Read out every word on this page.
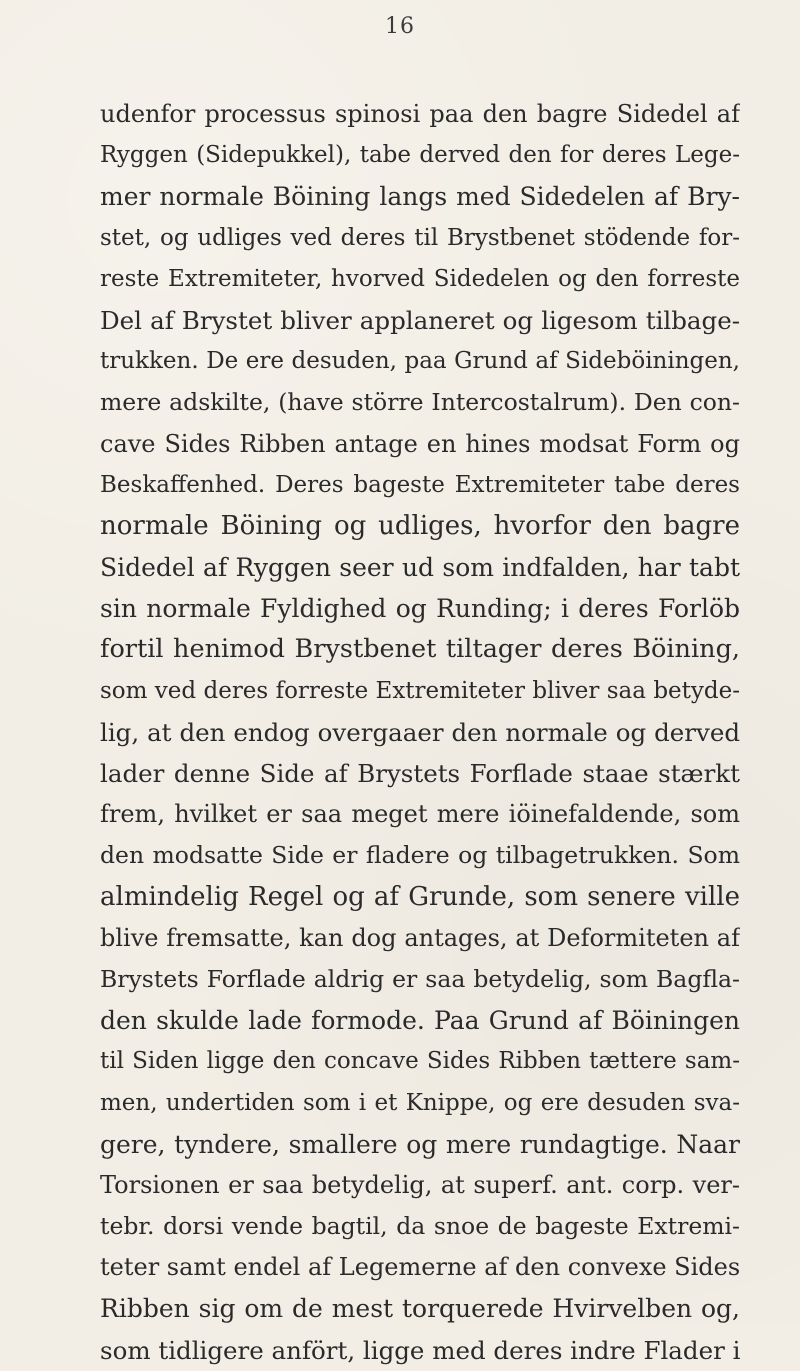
16
udenfor processus spinosi paa den bagre Sidedel af
Ryggen (Sidepukkel), tabe derved den for deres Lege-
mer normale Böining langs med Sidedelen af Bry-
stet, og udliges ved deres til Brystbenet stödende for-
reste Extremiteter, hvorved Sidedelen og den forreste
Del af Brystet bliver applaneret og ligesom tilbage-
trukken. De ere desuden, paa Grund af Sideböiningen,
mere adskilte, (have större Intercostalrum). Den con-
cave Sides Ribben antage en hines modsat Form og
Beskaffenhed. Deres bageste Extremiteter tabe deres
normale Böining og udliges, hvorfor den bagre
Sidedel af Ryggen seer ud som indfalden, har tabt
sin normale Fyldighed og Runding; i deres Forlöb
fortil henimod Brystbenet tiltager deres Böining,
som ved deres forreste Extremiteter bliver saa betyde-
lig, at den endog overgaaer den normale og derved
lader denne Side af Brystets Forflade staae stærkt
frem, hvilket er saa meget mere iöinefaldende, som
den modsatte Side er fladere og tilbagetrukken. Som
almindelig Regel og af Grunde, som senere ville
blive fremsatte, kan dog antages, at Deformiteten af
Brystets Forflade aldrig er saa betydelig, som Bagfla-
den skulde lade formode. Paa Grund af Böiningen
til Siden ligge den concave Sides Ribben tættere sam-
men, undertiden som i et Knippe, og ere desuden sva-
gere, tyndere, smallere og mere rundagtige. Naar
Torsionen er saa betydelig, at superf. ant. corp. ver-
tebr. dorsi vende bagtil, da snoe de bageste Extremi-
teter samt endel af Legemerne af den convexe Sides
Ribben sig om de mest torquerede Hvirvelben og,
som tidligere anfört, ligge med deres indre Flader i
